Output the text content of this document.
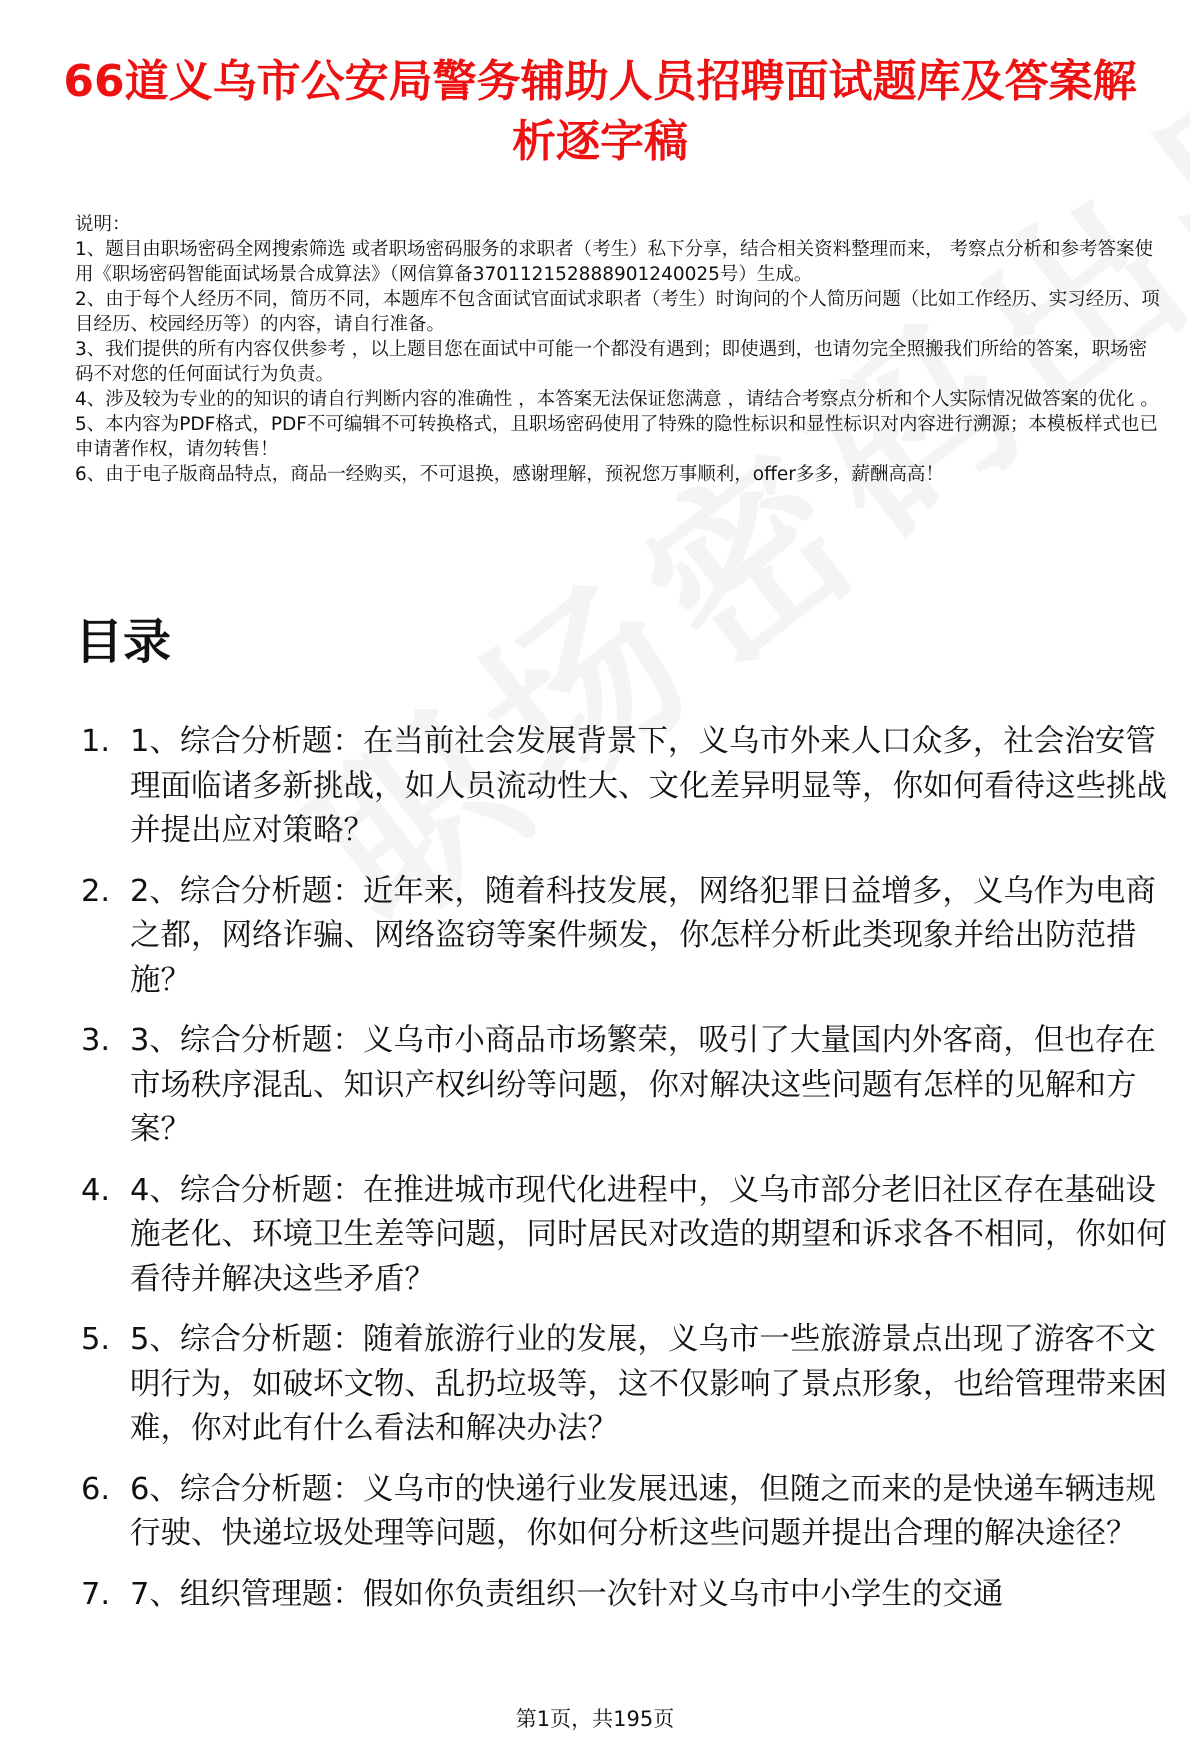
66道义乌市公安局警务辅助人员招聘面试题库及答案解析逐字稿

说明：

1、题目由职场密码全网搜索筛选 或者职场密码服务的求职者（考生）私下分享，结合相关资料整理而来， 考察点分析和参考答案使用《职场密码智能面试场景合成算法》（网信算备370112152888901240025号）生成。

2、由于每个人经历不同，简历不同，本题库不包含面试官面试求职者（考生）时询问的个人简历问题（比如工作经历、实习经历、项目经历、校园经历等）的内容，请自行准备。

3、我们提供的所有内容仅供参考 ，以上题目您在面试中可能一个都没有遇到；即使遇到，也请勿完全照搬我们所给的答案，职场密码不对您的任何面试行为负责。

4、涉及较为专业的的知识的请自行判断内容的准确性 ，本答案无法保证您满意 ，请结合考察点分析和个人实际情况做答案的优化 。

5、本内容为PDF格式，PDF不可编辑不可转换格式，且职场密码使用了特殊的隐性标识和显性标识对内容进行溯源；本模板样式也已申请著作权，请勿转售！

6、由于电子版商品特点，商品一经购买，不可退换，感谢理解，预祝您万事顺利，offer多多，薪酬高高！

目录
1. 1、综合分析题：在当前社会发展背景下，义乌市外来人口众多，社会治安管理面临诸多新挑战，如人员流动性大、文化差异明显等，你如何看待这些挑战并提出应对策略？
2. 2、综合分析题：近年来，随着科技发展，网络犯罪日益增多，义乌作为电商之都，网络诈骗、网络盗窃等案件频发，你怎样分析此类现象并给出防范措施？
3. 3、综合分析题：义乌市小商品市场繁荣，吸引了大量国内外客商，但也存在市场秩序混乱、知识产权纠纷等问题，你对解决这些问题有怎样的见解和方案？
4. 4、综合分析题：在推进城市现代化进程中，义乌市部分老旧社区存在基础设施老化、环境卫生差等问题，同时居民对改造的期望和诉求各不相同，你如何看待并解决这些矛盾？
5. 5、综合分析题：随着旅游行业的发展，义乌市一些旅游景点出现了游客不文明行为，如破坏文物、乱扔垃圾等，这不仅影响了景点形象，也给管理带来困难，你对此有什么看法和解决办法？
6. 6、综合分析题：义乌市的快递行业发展迅速，但随之而来的是快递车辆违规行驶、快递垃圾处理等问题，你如何分析这些问题并提出合理的解决途径？
7. 7、组织管理题：假如你负责组织一次针对义乌市中小学生的交通
第1页，共195页
